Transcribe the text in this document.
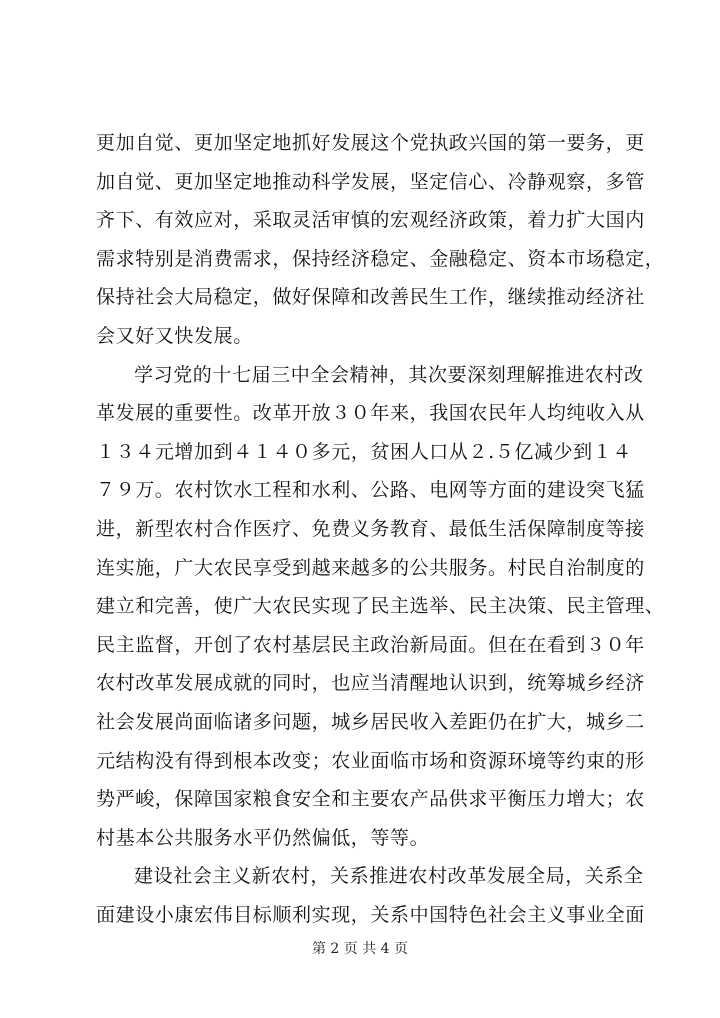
更加自觉、更加坚定地抓好发展这个党执政兴国的第一要务，更
加自觉、更加坚定地推动科学发展，坚定信心、冷静观察，多管
齐下、有效应对，采取灵活审慎的宏观经济政策，着力扩大国内
需求特别是消费需求，保持经济稳定、金融稳定、资本市场稳定，
保持社会大局稳定，做好保障和改善民生工作，继续推动经济社
会又好又快发展。
学习党的十七届三中全会精神，其次要深刻理解推进农村改
革发展的重要性。改革开放３０年来，我国农民年人均纯收入从
１３４元增加到４１４０多元，贫困人口从２.５亿减少到１４
７９万。农村饮水工程和水利、公路、电网等方面的建设突飞猛
进，新型农村合作医疗、免费义务教育、最低生活保障制度等接
连实施，广大农民享受到越来越多的公共服务。村民自治制度的
建立和完善，使广大农民实现了民主选举、民主决策、民主管理、
民主监督，开创了农村基层民主政治新局面。但在在看到３０年
农村改革发展成就的同时，也应当清醒地认识到，统筹城乡经济
社会发展尚面临诸多问题，城乡居民收入差距仍在扩大，城乡二
元结构没有得到根本改变；农业面临市场和资源环境等约束的形
势严峻，保障国家粮食安全和主要农产品供求平衡压力增大；农
村基本公共服务水平仍然偏低，等等。
建设社会主义新农村，关系推进农村改革发展全局，关系全
面建设小康宏伟目标顺利实现，关系中国特色社会主义事业全面
第 2 页 共 4 页
